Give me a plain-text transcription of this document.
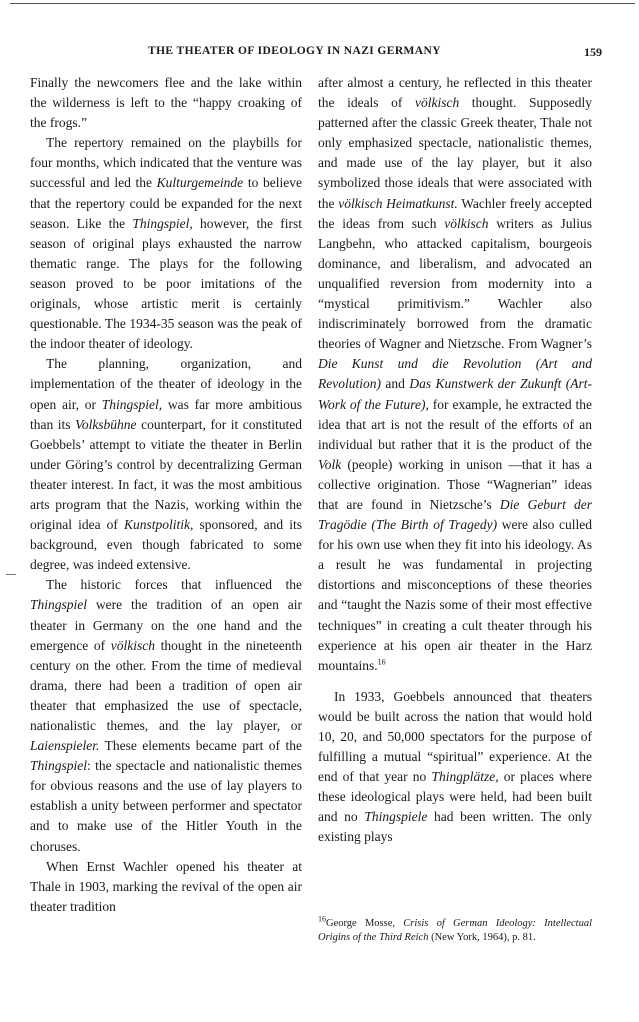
THE THEATER OF IDEOLOGY IN NAZI GERMANY	159

Finally the newcomers flee and the lake within the wilderness is left to the “happy croaking of the frogs.”

The repertory remained on the playbills for four months, which indicated that the venture was successful and led the Kulturgemeinde to believe that the repertory could be expanded for the next season. Like the Thingspiel, however, the first season of original plays exhausted the narrow thematic range. The plays for the following season proved to be poor imitations of the originals, whose artistic merit is certainly questionable. The 1934-35 season was the peak of the indoor theater of ideology.

The planning, organization, and implementation of the theater of ideology in the open air, or Thingspiel, was far more ambitious than its Volksbühne counterpart, for it constituted Goebbels’ attempt to vitiate the theater in Berlin under Göring’s control by decentralizing German theater interest. In fact, it was the most ambitious arts program that the Nazis, working within the original idea of Kunstpolitik, sponsored, and its background, even though fabricated to some degree, was indeed extensive.

The historic forces that influenced the Thingspiel were the tradition of an open air theater in Germany on the one hand and the emergence of völkisch thought in the nineteenth century on the other. From the time of medieval drama, there had been a tradition of open air theater that emphasized the use of spectacle, nationalistic themes, and the lay player, or Laienspieler. These elements became part of the Thingspiel: the spectacle and nationalistic themes for obvious reasons and the use of lay players to establish a unity between performer and spectator and to make use of the Hitler Youth in the choruses.

When Ernst Wachler opened his theater at Thale in 1903, marking the revival of the open air theater tradition

after almost a century, he reflected in this theater the ideals of völkisch thought. Supposedly patterned after the classic Greek theater, Thale not only emphasized spectacle, nationalistic themes, and made use of the lay player, but it also symbolized those ideals that were associated with the völkisch Heimatkunst. Wachler freely accepted the ideas from such völkisch writers as Julius Langbehn, who attacked capitalism, bourgeois dominance, and liberalism, and advocated an unqualified reversion from modernity into a “mystical primitivism.” Wachler also indiscriminately borrowed from the dramatic theories of Wagner and Nietzsche. From Wagner’s Die Kunst und die Revolution (Art and Revolution) and Das Kunstwerk der Zukunft (Art-Work of the Future), for example, he extracted the idea that art is not the result of the efforts of an individual but rather that it is the product of the Volk (people) working in unison —that it has a collective origination. Those “Wagnerian” ideas that are found in Nietzsche’s Die Geburt der Tragödie (The Birth of Tragedy) were also culled for his own use when they fit into his ideology. As a result he was fundamental in projecting distortions and misconceptions of these theories and “taught the Nazis some of their most effective techniques” in creating a cult theater through his experience at his open air theater in the Harz mountains.$^{16}$

In 1933, Goebbels announced that theaters would be built across the nation that would hold 10, 20, and 50,000 spectators for the purpose of fulfilling a mutual “spiritual” experience. At the end of that year no Thingplätze, or places where these ideological plays were held, had been built and no Thingspiele had been written. The only existing plays

$^{16}$George Mosse, Crisis of German Ideology: Intellectual Origins of the Third Reich (New York, 1964), p. 81.
